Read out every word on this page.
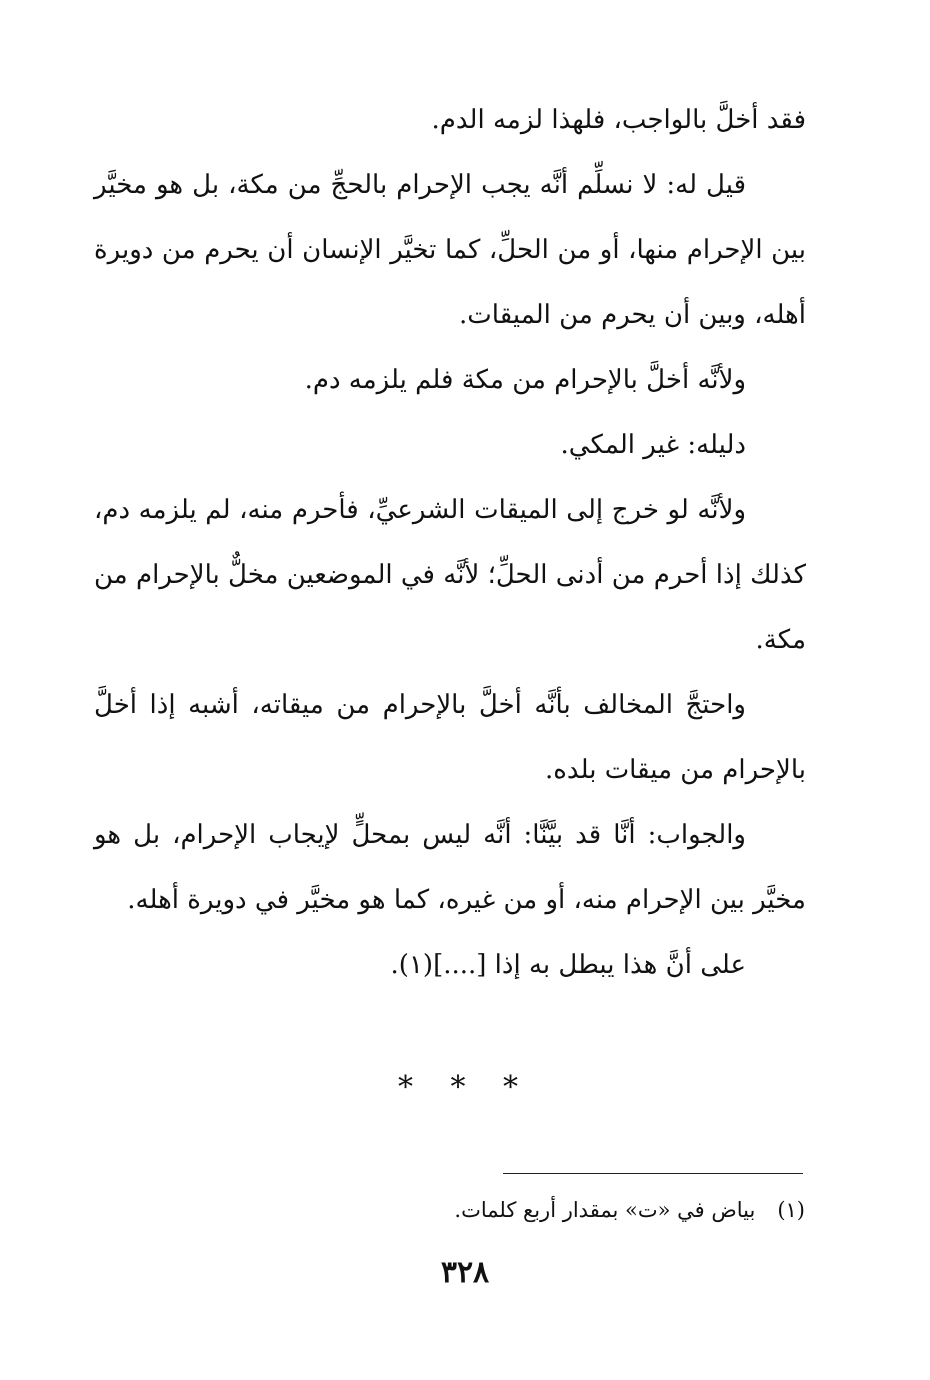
فقد أخلَّ بالواجب، فلهذا لزمه الدم.

قيل له: لا نسلِّم أنَّه يجب الإحرام بالحجِّ من مكة، بل هو مخيَّر بين الإحرام منها، أو من الحلِّ، كما تخيَّر الإنسان أن يحرم من دويرة أهله، وبين أن يحرم من الميقات.

ولأنَّه أخلَّ بالإحرام من مكة فلم يلزمه دم.

دليله: غير المكي.

ولأنَّه لو خرج إلى الميقات الشرعيِّ، فأحرم منه، لم يلزمه دم، كذلك إذا أحرم من أدنى الحلِّ؛ لأنَّه في الموضعين مخلٌّ بالإحرام من مكة.

واحتجَّ المخالف بأنَّه أخلَّ بالإحرام من ميقاته، أشبه إذا أخلَّ بالإحرام من ميقات بلده.

والجواب: أنَّا قد بيَّنَّا: أنَّه ليس بمحلٍّ لإيجاب الإحرام، بل هو مخيَّر بين الإحرام منه، أو من غيره، كما هو مخيَّر في دويرة أهله.

على أنَّ هذا يبطل به إذا [....](١).

* * *
(١)بياض في «ت» بمقدار أربع كلمات.
٣٢٨
